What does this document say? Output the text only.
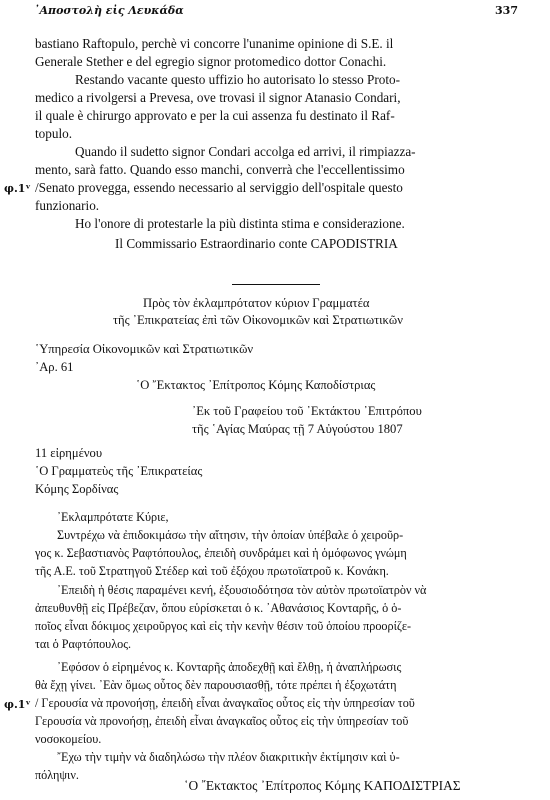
᾿Αποστολὴ εἰς Λευκάδα	337
bastiano Raftopulo, perchè vi concorre l'unanime opinione di S.E. il
Generale Stether e del egregio signor protomedico dottor Conachi.
Restando vacante questo uffizio ho autorisato lo stesso Proto-
medico a rivolgersi a Prevesa, ove trovasi il signor Atanasio Condari,
il quale è chirurgo approvato e per la cui assenza fu destinato il Raf-
topulo.
Quando il sudetto signor Condari accolga ed arrivi, il rimpiazza-
mento, sarà fatto. Quando esso manchi, converrà che l'eccellentissimo
φ.1ᵛ /Senato provegga, essendo necessario al serviggio dell'ospitale questo
funzionario.
Ho l'onore di protestarle la più distinta stima e considerazione.
Il Commissario Estraordinario conte CAPODISTRIA
Πρὸς τὸν ἐκλαμπρότατον κύριον Γραμματέα
τῆς ᾿Επικρατείας ἐπὶ τῶν Οἰκονομικῶν καὶ Στρατιωτικῶν
῾Υπηρεσία Οἰκονομικῶν καὶ Στρατιωτικῶν
᾿Αρ. 61
῾Ο ῎Εκτακτος ᾿Επίτροπος Κόμης Καποδίστριας
᾿Εκ τοῦ Γραφείου τοῦ ᾿Εκτάκτου ᾿Επιτρόπου
τῆς ῾Αγίας Μαύρας τῇ 7 Αὐγούστου 1807
11 εἰρημένου
῾Ο Γραμματεὺς τῆς ᾿Επικρατείας
Κόμης Σορδίνας
᾿Εκλαμπρότατε Κύριε,
Συντρέχω νὰ ἐπιδοκιμάσω τὴν αἴτησιν, τὴν ὁποίαν ὑπέβαλε ὁ χειροῦρ-
γος κ. Σεβαστιανὸς Ραφτόπουλος, ἐπειδὴ συνδράμει καὶ ἡ ὁμόφωνος γνώμη
τῆς Α.Ε. τοῦ Στρατηγοῦ Στέδερ καὶ τοῦ ἐξόχου πρωτοϊατροῦ κ. Κονάκη.
᾿Επειδὴ ἡ θέσις παραμένει κενή, ἐξουσιοδότησα τὸν αὐτὸν πρωτοϊατρὸν νὰ
ἀπευθυνθῇ εἰς Πρέβεζαν, ὅπου εὑρίσκεται ὁ κ. ᾿Αθανάσιος Κονταρῆς, ὁ ὁ-
ποῖος εἶναι δόκιμος χειροῦργος καὶ εἰς τὴν κενὴν θέσιν τοῦ ὁποίου προορίζε-
ται ὁ Ραφτόπουλος.
᾿Εφόσον ὁ εἰρημένος κ. Κονταρῆς ἀποδεχθῇ καὶ ἔλθῃ, ἡ ἀναπλήρωσις
θὰ ἔχῃ γίνει. ᾿Εὰν ὅμως οὗτος δὲν παρουσιασθῇ, τότε πρέπει ἡ ἐξοχωτάτη
φ.1ᵛ / Γερουσία νὰ προνοήσῃ, ἐπειδὴ εἶναι ἀναγκαῖος οὗτος εἰς τὴν ὑπηρεσίαν τοῦ
Γερουσία νὰ προνοήσῃ, ἐπειδὴ εἶναι ἀναγκαῖος οὗτος εἰς τὴν ὑπηρεσίαν τοῦ
νοσοκομείου.
῎Εχω τὴν τιμὴν νὰ διαδηλώσω τὴν πλέον διακριτικὴν ἐκτίμησιν καὶ ὑ-
πόληψιν.
῾Ο ῎Εκτακτος ᾿Επίτροπος Κόμης ΚΑΠΟΔΙΣΤΡΙΑΣ
